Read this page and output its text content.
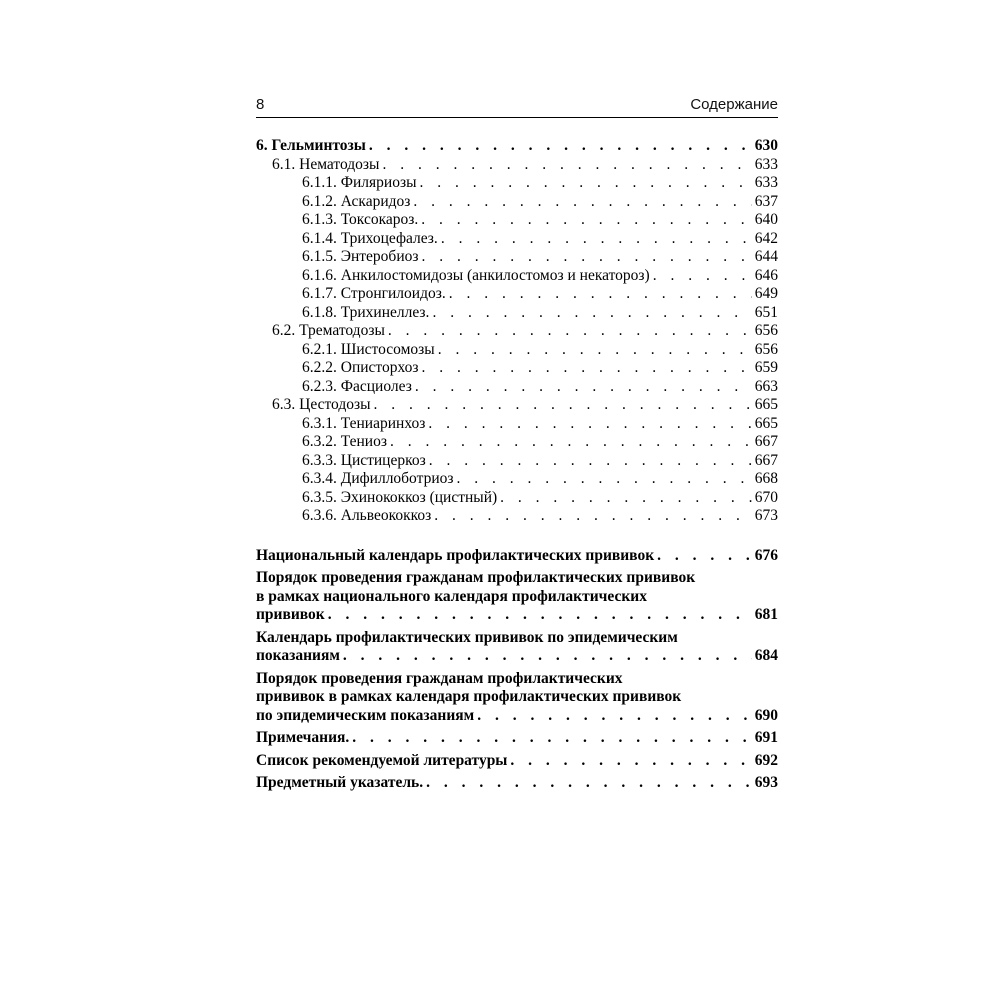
8	Содержание
6. Гельминтозы . . .	630
6.1. Нематодозы . . .	633
6.1.1. Филяриозы . . .	633
6.1.2. Аскаридоз . . .	637
6.1.3. Токсокароз. . . .	640
6.1.4. Трихоцефалез. . . .	642
6.1.5. Энтеробиоз . . .	644
6.1.6. Анкилостомидозы (анкилостомоз и некатороз) . . .	646
6.1.7. Стронгилоидоз. . . .	649
6.1.8. Трихинеллез. . . .	651
6.2. Трематодозы . . .	656
6.2.1. Шистосомозы . . .	656
6.2.2. Описторхоз . . .	659
6.2.3. Фасциолез . . .	663
6.3. Цестодозы . . .	665
6.3.1. Тениаринхоз . . .	665
6.3.2. Тениоз . . .	667
6.3.3. Цистицеркоз . . .	667
6.3.4. Дифиллоботриоз . . .	668
6.3.5. Эхинококкоз (цистный) . . .	670
6.3.6. Альвеококкоз . . .	673
Национальный календарь профилактических прививок . . .	676
Порядок проведения гражданам профилактических прививок
в рамках национального календаря профилактических
прививок . . .	681
Календарь профилактических прививок по эпидемическим
показаниям . . .	684
Порядок проведения гражданам профилактических
прививок в рамках календаря профилактических прививок
по эпидемическим показаниям . . .	690
Примечания. . . .	691
Список рекомендуемой литературы . . .	692
Предметный указатель. . . .	693
